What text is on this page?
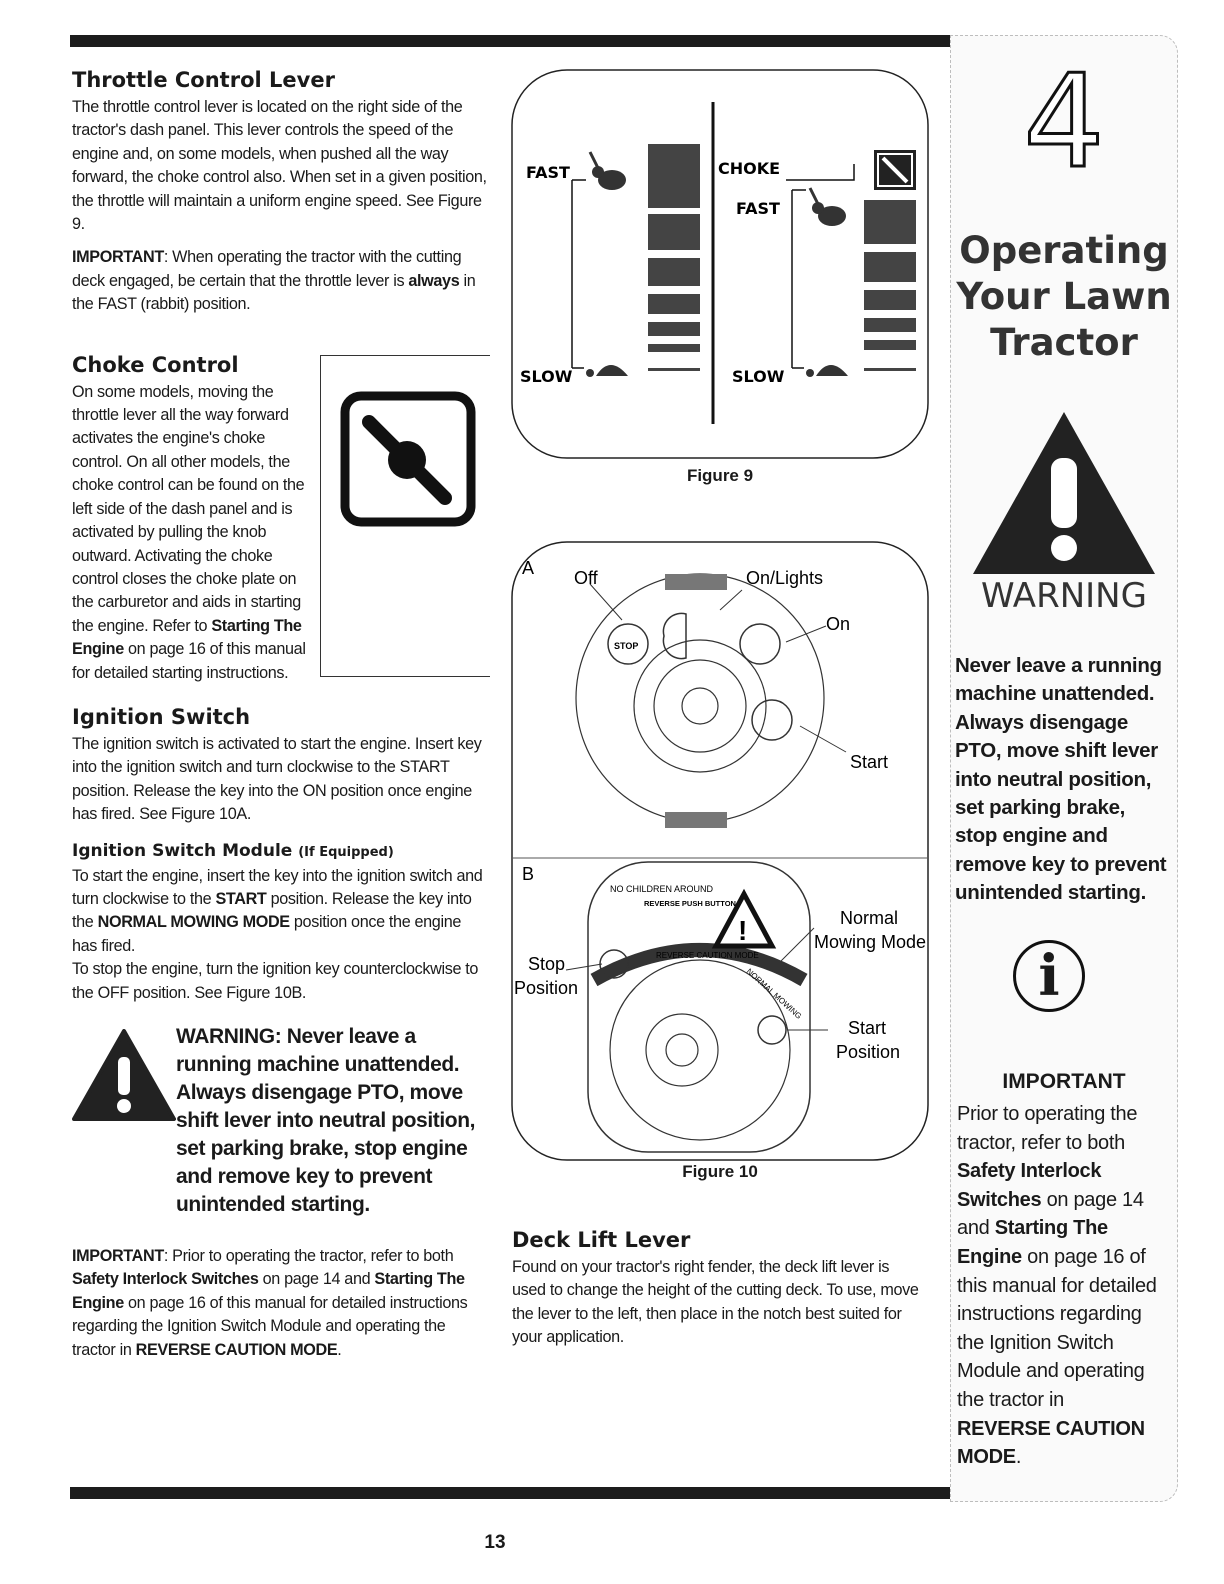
Throttle Control Lever

The throttle control lever is located on the right side of the tractor's dash panel. This lever controls the speed of the engine and, on some models, when pushed all the way forward, the choke control also. When set in a given position, the throttle will maintain a uniform engine speed. See Figure 9.

IMPORTANT: When operating the tractor with the cutting deck engaged, be certain that the throttle lever is always in the FAST (rabbit) position.

Choke Control

On some models, moving the throttle lever all the way forward activates the engine's choke control. On all other models, the choke control can be found on the left side of the dash panel and is activated by pulling the knob outward. Activating the choke control closes the choke plate on the carburetor and aids in starting the engine. Refer to Starting The Engine on page 16 of this manual for detailed starting instructions.

Ignition Switch

The ignition switch is activated to start the engine. Insert key into the ignition switch and turn clockwise to the START position. Release the key into the ON position once engine has fired. See Figure 10A.

Ignition Switch Module (If Equipped)

To start the engine, insert the key into the ignition switch and turn clockwise to the START position. Release the key into the NORMAL MOWING MODE position once the engine has fired.

To stop the engine, turn the ignition key counterclockwise to the OFF position. See Figure 10B.

WARNING: Never leave a running machine unattended. Always disengage PTO, move shift lever into neutral position, set parking brake, stop engine and remove key to prevent unintended starting.

IMPORTANT: Prior to operating the tractor, refer to both Safety Interlock Switches on page 14 and Starting The Engine on page 16 of this manual for detailed instructions regarding the Ignition Switch Module and operating the tractor in REVERSE CAUTION MODE.

FAST
SLOW
CHOKE
FAST
SLOW
Figure 9
A
B
STOP
Off	On/Lights
On
Start
NO CHILDREN AROUND
REVERSE PUSH BUTTON
!
REVERSE CAUTION MODE
NORMAL MOWING
Normal
Mowing Mode
Stop
Position
Start
Position
Figure 10
Deck Lift Lever

Found on your tractor's right fender, the deck lift lever is used to change the height of the cutting deck. To use, move the lever to the left, then place in the notch best suited for your application.

4
Operating
Your Lawn
Tractor
WARNING
Never leave a running machine unattended. Always disengage PTO, move shift lever into neutral position, set parking brake, stop engine and remove key to prevent unintended starting.
i
IMPORTANT
Prior to operating the tractor, refer to both Safety Interlock Switches on page 14 and Starting The Engine on page 16 of this manual for detailed instructions regarding the Ignition Switch Module and operating the tractor in REVERSE CAUTION MODE.
13
